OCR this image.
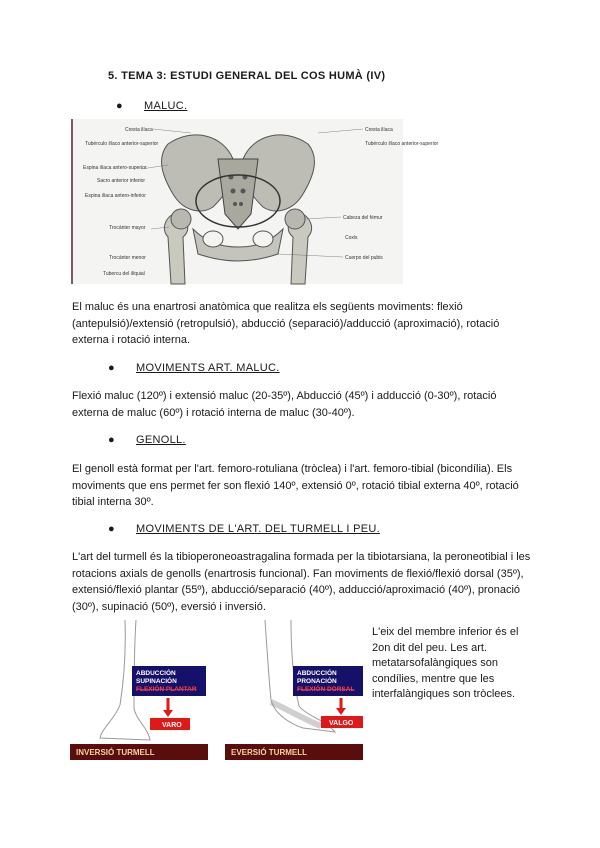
5. TEMA 3: ESTUDI GENERAL DEL COS HUMÀ (IV)
● MALUC.
Cresta ilíaca
Tubérculo ilíaco anterior-superior
Espina ilíaca antero-superior
Sacro anterior inferior
Espina ilíaca antero-inferior
Trocánter mayor
Trocánter menor
Tubercu del ilíquial
Cresta ilíaca
Tubérculo ilíaco anterior-superior
Cabeza del fémur
Coxis
Cuerpo del pubis
El maluc és una enartrosi anatòmica que realitza els següents moviments: flexió (antepulsió)/extensió (retropulsió), abducció (separació)/adducció (aproximació), rotació externa i rotació interna.
● MOVIMENTS ART. MALUC.
Flexió maluc (120º) i extensió maluc (20-35º), Abducció (45º) i adducció (0-30º), rotació externa de maluc (60º) i rotació interna de maluc (30-40º).
● GENOLL.
El genoll està format per l'art. femoro-rotuliana (tròclea) i l'art. femoro-tibial (bicondília). Els moviments que ens permet fer son flexió 140º, extensió 0º, rotació tibial externa 40º, rotació tibial interna 30º.
● MOVIMENTS DE L'ART. DEL TURMELL I PEU.
L'art del turmell és la tibioperoneoastragalina formada per la tibiotarsiana, la peroneotibial i les rotacions axials de genolls (enartrosis funcional). Fan moviments de flexió/flexió dorsal (35º), extensió/flexió plantar (55º), abducció/separació (40º), adducció/aproximació (40º), pronació (30º), supinació (50º), eversió i inversió.
ABDUCCIÓN
SUPINACIÓN
FLEXIÓN PLANTAR
VARO
INVERSIÓ TURMELL
ABDUCCIÓN
PRONACIÓN
FLEXIÓN DORSAL
VALGO
EVERSIÓ TURMELL
L'eix del membre inferior és el 2on dit del peu. Les art. metatarsofalàngiques son condílies, mentre que les interfalàngiques son tròclees.
